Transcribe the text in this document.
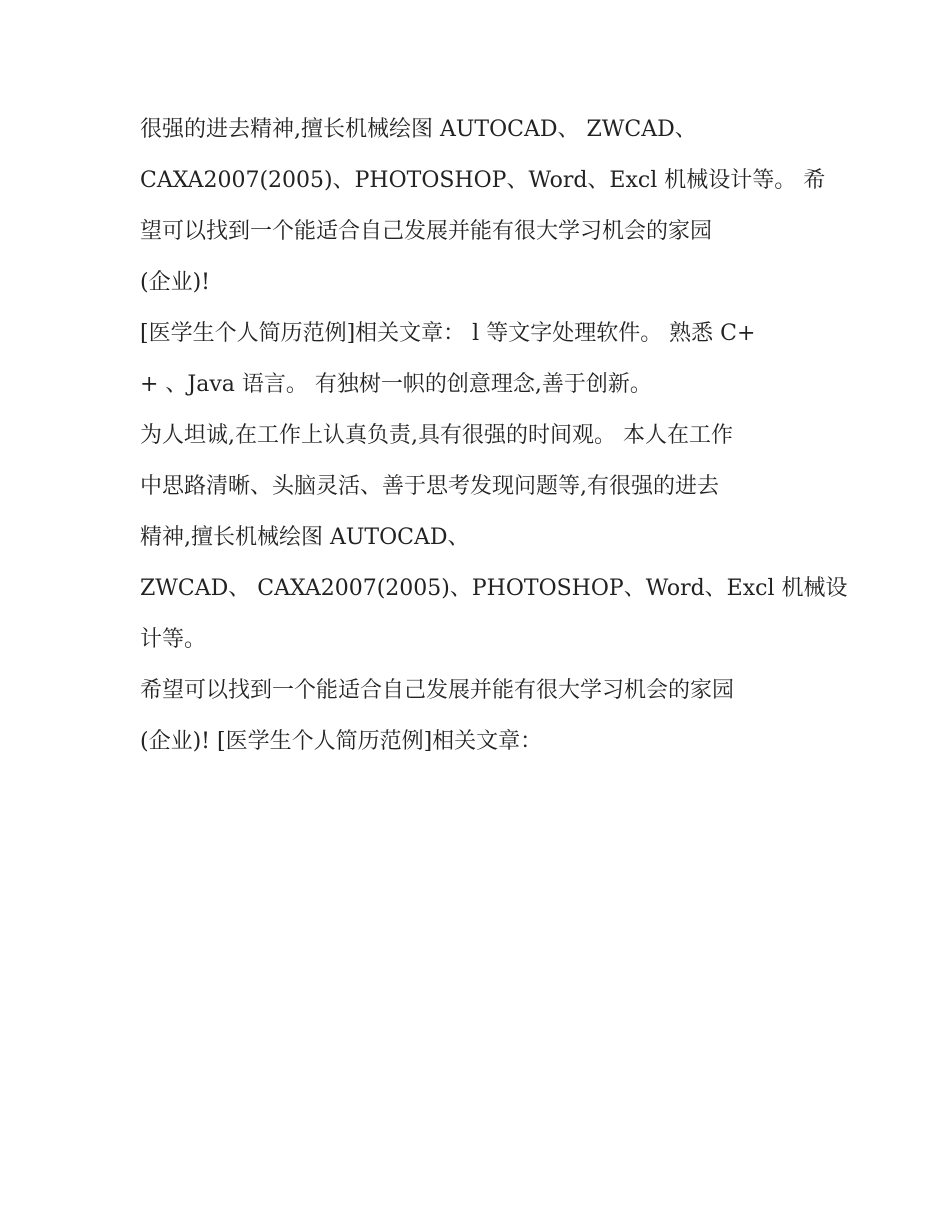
很强的进去精神,擅长机械绘图 AUTOCAD、 ZWCAD、
CAXA2007(2005)、PHOTOSHOP、Word、Excl 机械设计等。 希
望可以找到一个能适合自己发展并能有很大学习机会的家园
(企业)!
[医学生个人简历范例]相关文章： l 等文字处理软件。 熟悉 C+
+ 、Java 语言。 有独树一帜的创意理念,善于创新。
为人坦诚,在工作上认真负责,具有很强的时间观。 本人在工作
中思路清晰、头脑灵活、善于思考发现问题等,有很强的进去
精神,擅长机械绘图 AUTOCAD、
ZWCAD、 CAXA2007(2005)、PHOTOSHOP、Word、Excl 机械设
计等。
希望可以找到一个能适合自己发展并能有很大学习机会的家园
(企业)! [医学生个人简历范例]相关文章：
